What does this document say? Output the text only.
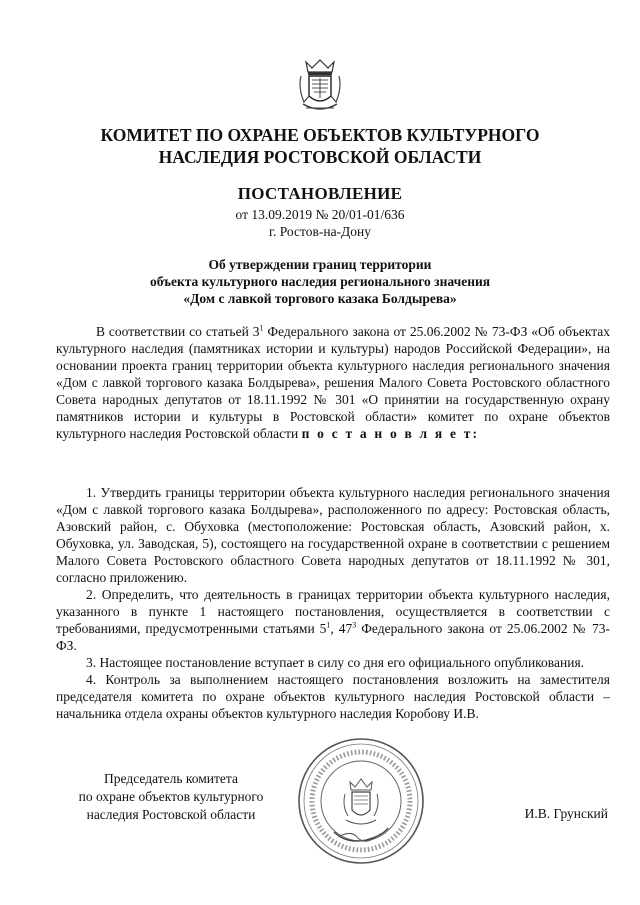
КОМИТЕТ ПО ОХРАНЕ ОБЪЕКТОВ КУЛЬТУРНОГО
НАСЛЕДИЯ РОСТОВСКОЙ ОБЛАСТИ
ПОСТАНОВЛЕНИЕ
от 13.09.2019 № 20/01-01/636
г. Ростов-на-Дону
Об утверждении границ территории
объекта культурного наследия регионального значения
«Дом с лавкой торгового казака Болдырева»
В соответствии со статьей $3^1$ Федерального закона от 25.06.2002 № 73-ФЗ «Об объектах культурного наследия (памятниках истории и культуры) народов Российской Федерации», на основании проекта границ территории объекта культурного наследия регионального значения «Дом с лавкой торгового казака Болдырева», решения Малого Совета Ростовского областного Совета народных депутатов от 18.11.1992 № 301 «О принятии на государственную охрану памятников истории и культуры в Ростовской области» комитет по охране объектов культурного наследия Ростовской области п о с т а н о в л я е т:

1. Утвердить границы территории объекта культурного наследия регионального значения «Дом с лавкой торгового казака Болдырева», расположенного по адресу: Ростовская область, Азовский район, с. Обуховка (местоположение: Ростовская область, Азовский район, х. Обуховка, ул. Заводская, 5), состоящего на государственной охране в соответствии с решением Малого Совета Ростовского областного Совета народных депутатов от 18.11.1992 № 301, согласно приложению.

2. Определить, что деятельность в границах территории объекта культурного наследия, указанного в пункте 1 настоящего постановления, осуществляется в соответствии с требованиями, предусмотренными статьями $5^1$, $47^3$ Федерального закона от 25.06.2002 № 73-ФЗ.

3. Настоящее постановление вступает в силу со дня его официального опубликования.

4. Контроль за выполнением настоящего постановления возложить на заместителя председателя комитета по охране объектов культурного наследия Ростовской области – начальника отдела охраны объектов культурного наследия Коробову И.В.

Председатель комитета
по охране объектов культурного
наследия Ростовской области	И.В. Грунский
